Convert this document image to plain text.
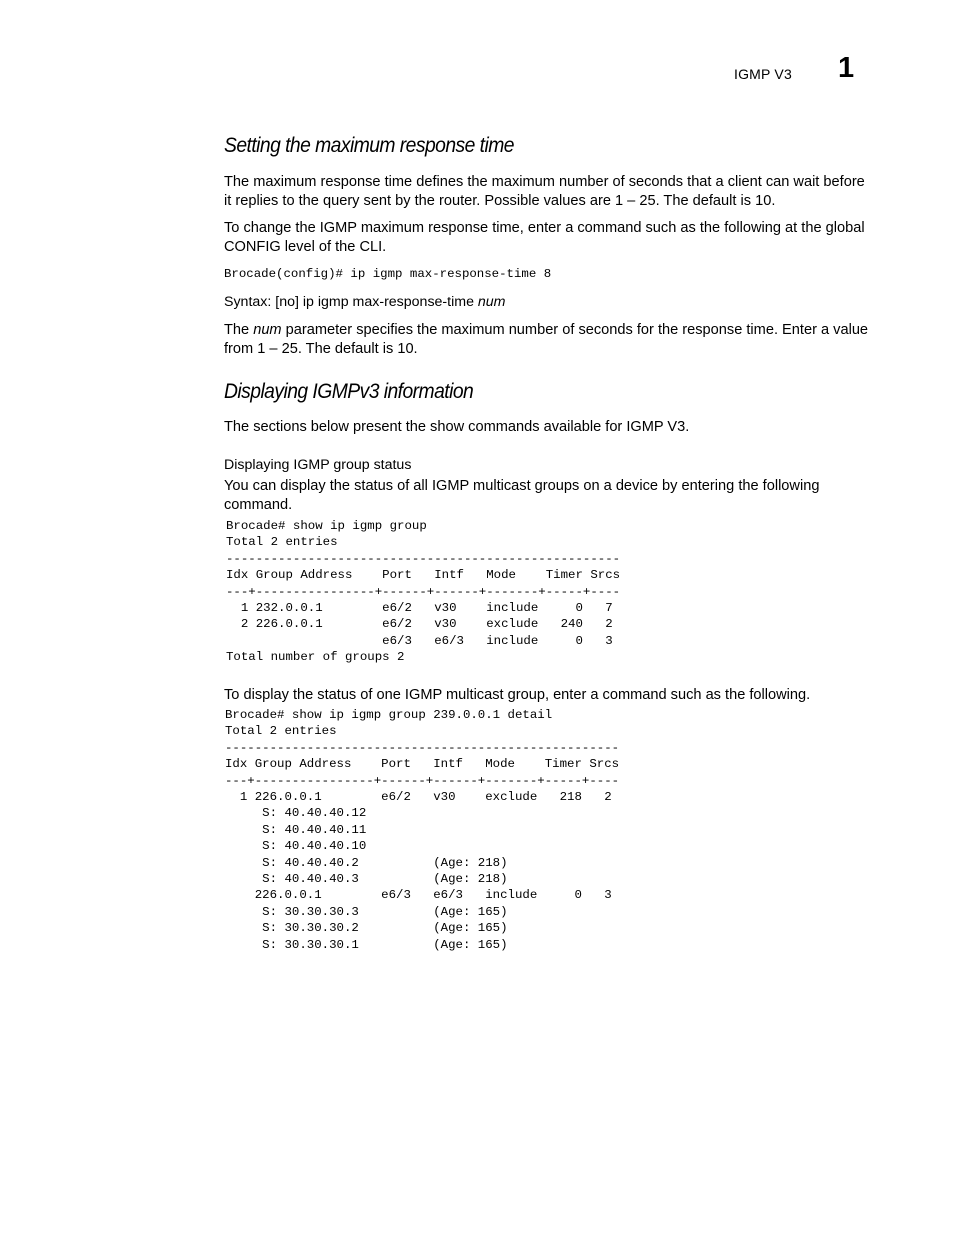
IGMP V3 1
Setting the maximum response time

The maximum response time defines the maximum number of seconds that a client can wait before it replies to the query sent by the router. Possible values are 1 – 25. The default is 10.

To change the IGMP maximum response time, enter a command such as the following at the global CONFIG level of the CLI.

Brocade(config)# ip igmp max-response-time 8
Syntax: [no] ip igmp max-response-time num

The num parameter specifies the maximum number of seconds for the response time. Enter a value from 1 – 25. The default is 10.

Displaying IGMPv3 information

The sections below present the show commands available for IGMP V3.

Displaying IGMP group status

You can display the status of all IGMP multicast groups on a device by entering the following command.

Brocade# show ip igmp group
Total 2 entries
-----------------------------------------------------
Idx Group Address    Port   Intf   Mode    Timer Srcs
---+----------------+------+------+-------+-----+----
1 232.0.0.1        e6/2   v30    include     0   7
2 226.0.0.1        e6/2   v30    exclude   240   2
e6/3   e6/3   include     0   3
Total number of groups 2

To display the status of one IGMP multicast group, enter a command such as the following.

Brocade# show ip igmp group 239.0.0.1 detail
Total 2 entries
-----------------------------------------------------
Idx Group Address    Port   Intf   Mode    Timer Srcs
---+----------------+------+------+-------+-----+----
1 226.0.0.1        e6/2   v30    exclude   218   2
S: 40.40.40.12
S: 40.40.40.11
S: 40.40.40.10
S: 40.40.40.2          (Age: 218)
S: 40.40.40.3          (Age: 218)
226.0.0.1        e6/3   e6/3   include     0   3
S: 30.30.30.3          (Age: 165)
S: 30.30.30.2          (Age: 165)
S: 30.30.30.1          (Age: 165)
